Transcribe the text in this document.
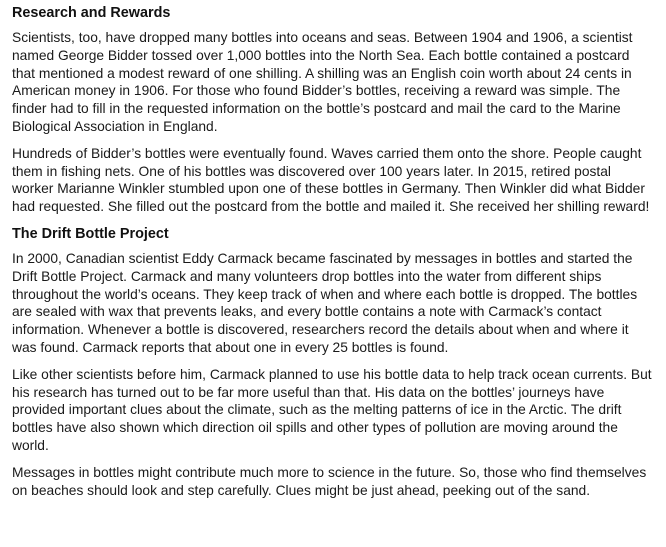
Research and Rewards

Scientists, too, have dropped many bottles into oceans and seas. Between 1904 and 1906, a scientist named George Bidder tossed over 1,000 bottles into the North Sea. Each bottle contained a postcard that mentioned a modest reward of one shilling. A shilling was an English coin worth about 24 cents in American money in 1906. For those who found Bidder’s bottles, receiving a reward was simple. The finder had to fill in the requested information on the bottle’s postcard and mail the card to the Marine Biological Association in England.

Hundreds of Bidder’s bottles were eventually found. Waves carried them onto the shore. People caught them in fishing nets. One of his bottles was discovered over 100 years later. In 2015, retired postal worker Marianne Winkler stumbled upon one of these bottles in Germany. Then Winkler did what Bidder had requested. She filled out the postcard from the bottle and mailed it. She received her shilling reward!

The Drift Bottle Project

In 2000, Canadian scientist Eddy Carmack became fascinated by messages in bottles and started the Drift Bottle Project. Carmack and many volunteers drop bottles into the water from different ships throughout the world’s oceans. They keep track of when and where each bottle is dropped. The bottles are sealed with wax that prevents leaks, and every bottle contains a note with Carmack’s contact information. Whenever a bottle is discovered, researchers record the details about when and where it was found. Carmack reports that about one in every 25 bottles is found.

Like other scientists before him, Carmack planned to use his bottle data to help track ocean currents. But his research has turned out to be far more useful than that. His data on the bottles’ journeys have provided important clues about the climate, such as the melting patterns of ice in the Arctic. The drift bottles have also shown which direction oil spills and other types of pollution are moving around the world.

Messages in bottles might contribute much more to science in the future. So, those who find themselves on beaches should look and step carefully. Clues might be just ahead, peeking out of the sand.
